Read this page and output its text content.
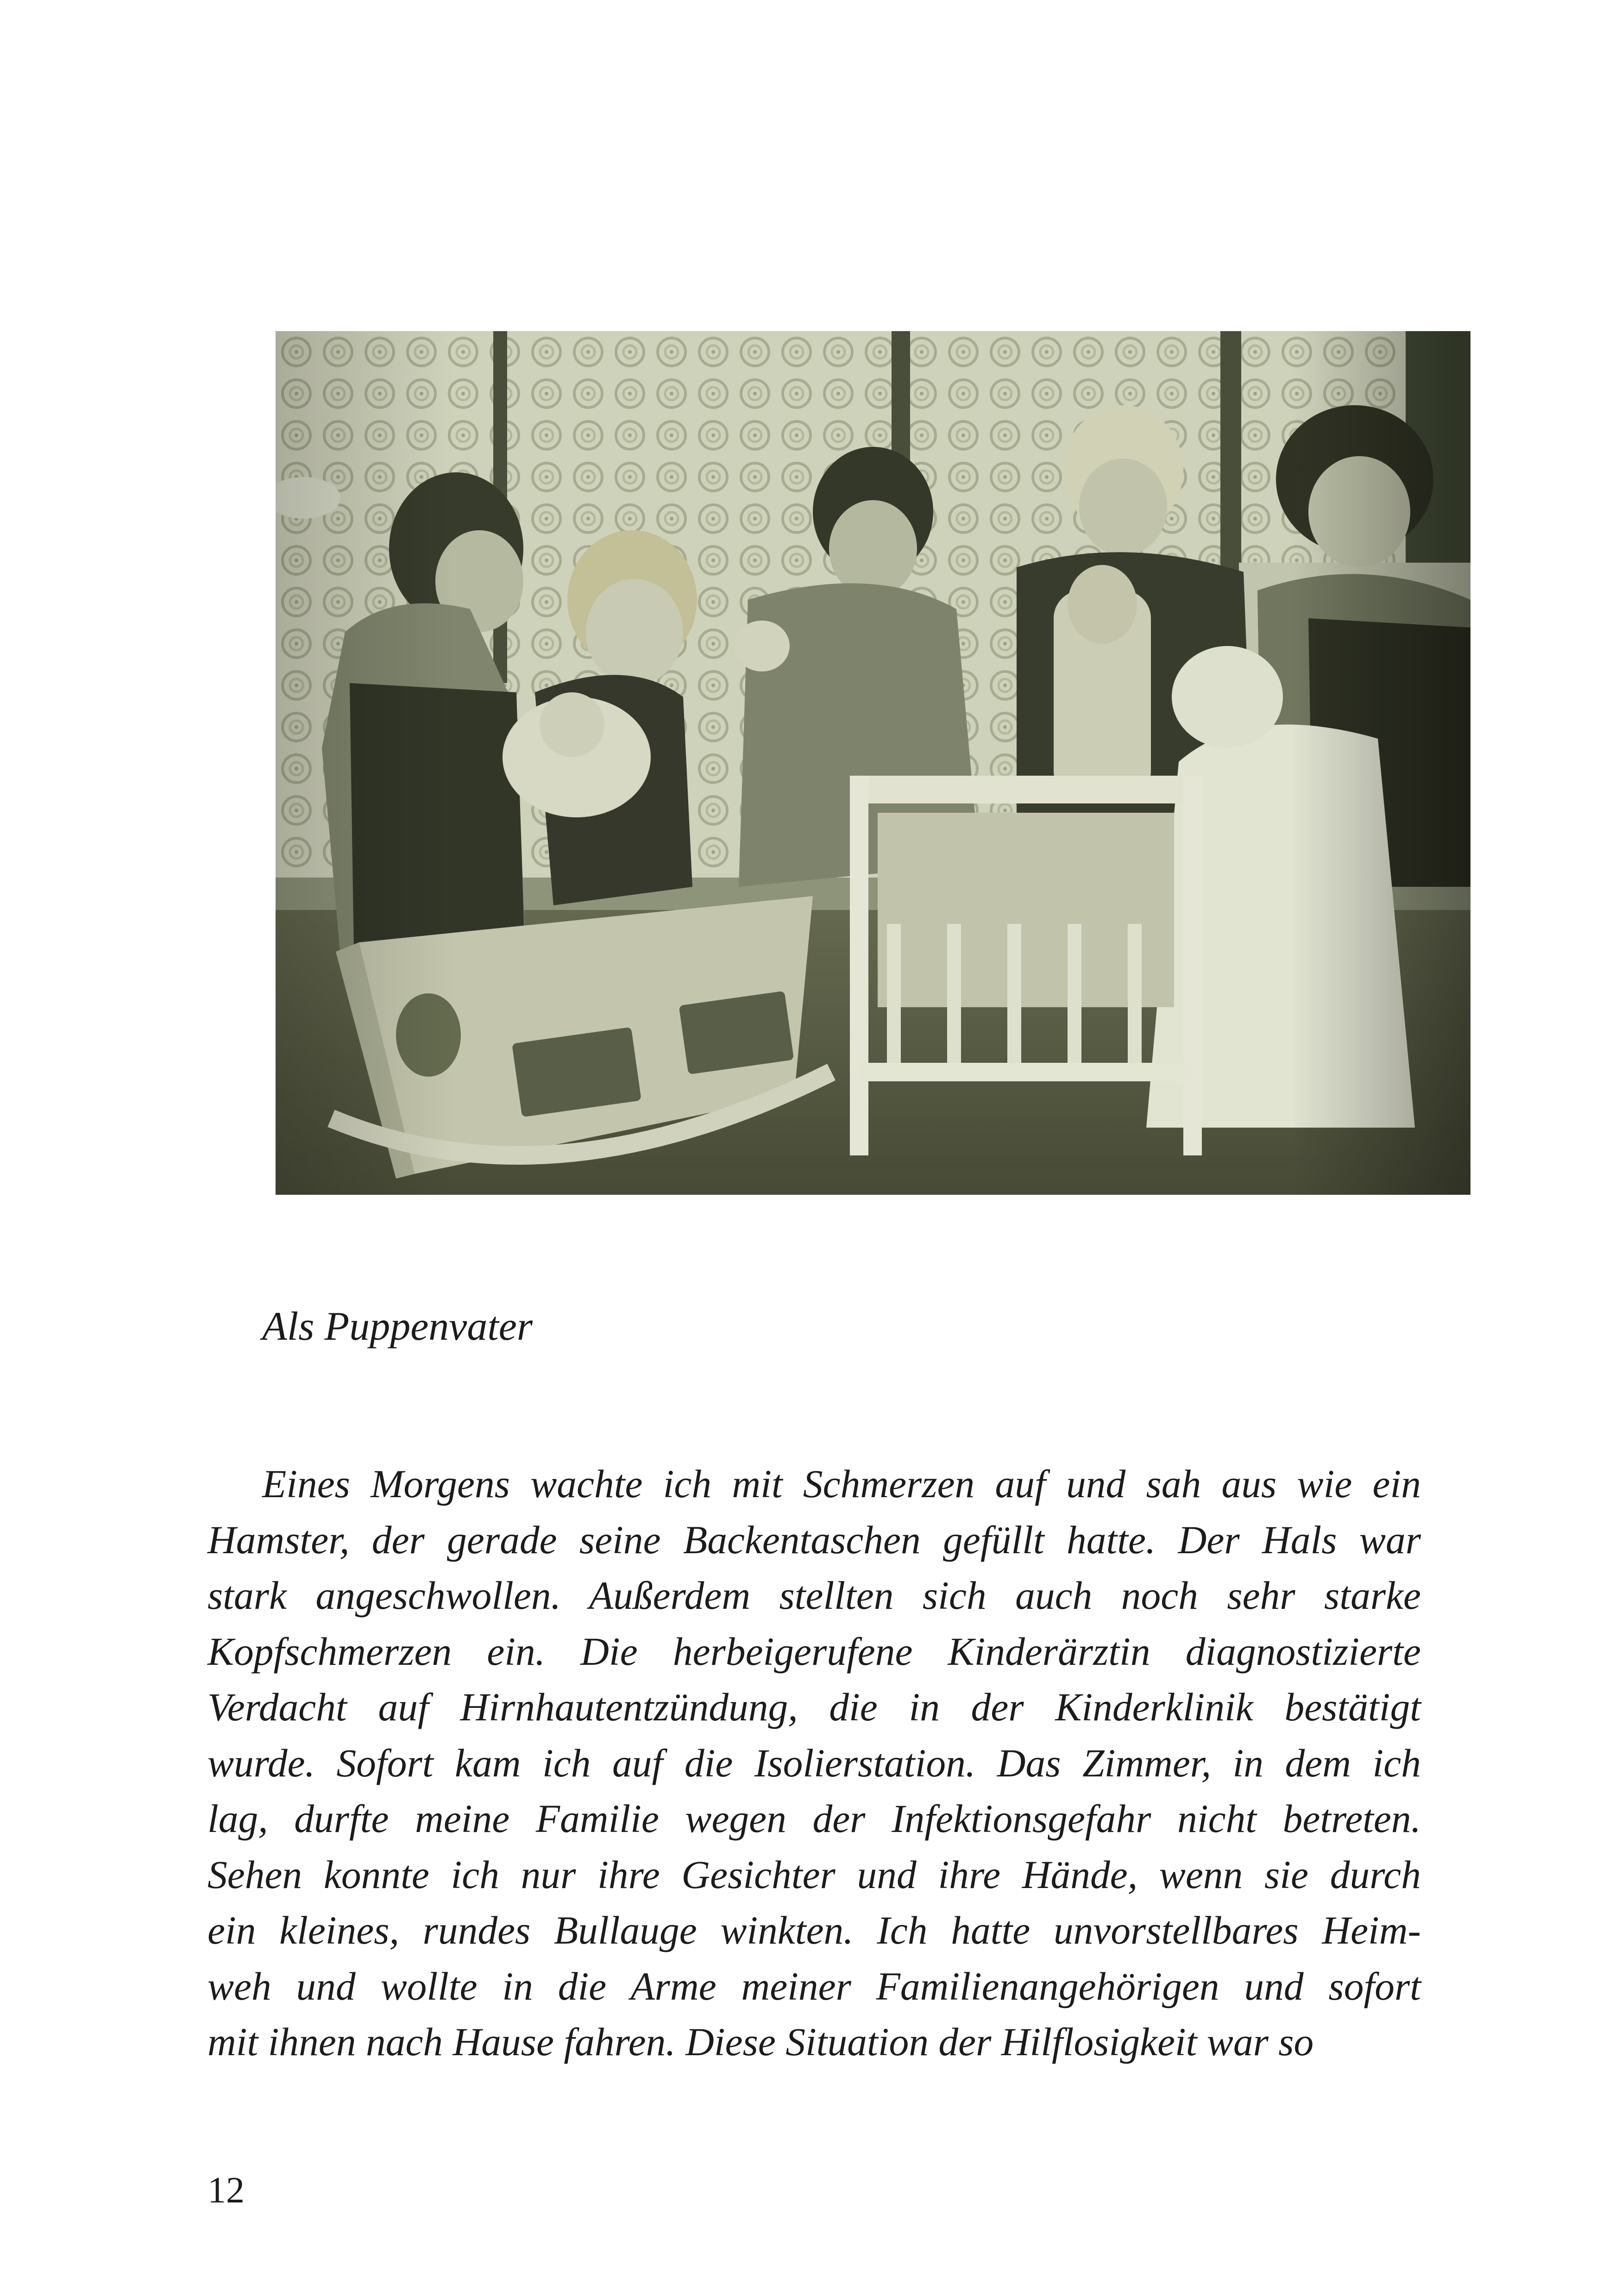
Als Puppenvater
Eines Morgens wachte ich mit Schmerzen auf und sah aus wie ein
Hamster, der gerade seine Backentaschen gefüllt hatte. Der Hals war
stark angeschwollen. Außerdem stellten sich auch noch sehr starke
Kopfschmerzen ein. Die herbeigerufene Kinderärztin diagnostizierte
Verdacht auf Hirnhautentzündung, die in der Kinderklinik bestätigt
wurde. Sofort kam ich auf die Isolierstation. Das Zimmer, in dem ich
lag, durfte meine Familie wegen der Infektionsgefahr nicht betreten.
Sehen konnte ich nur ihre Gesichter und ihre Hände, wenn sie durch
ein kleines, rundes Bullauge winkten. Ich hatte unvorstellbares Heim-
weh und wollte in die Arme meiner Familienangehörigen und sofort
mit ihnen nach Hause fahren. Diese Situation der Hilflosigkeit war so
12
